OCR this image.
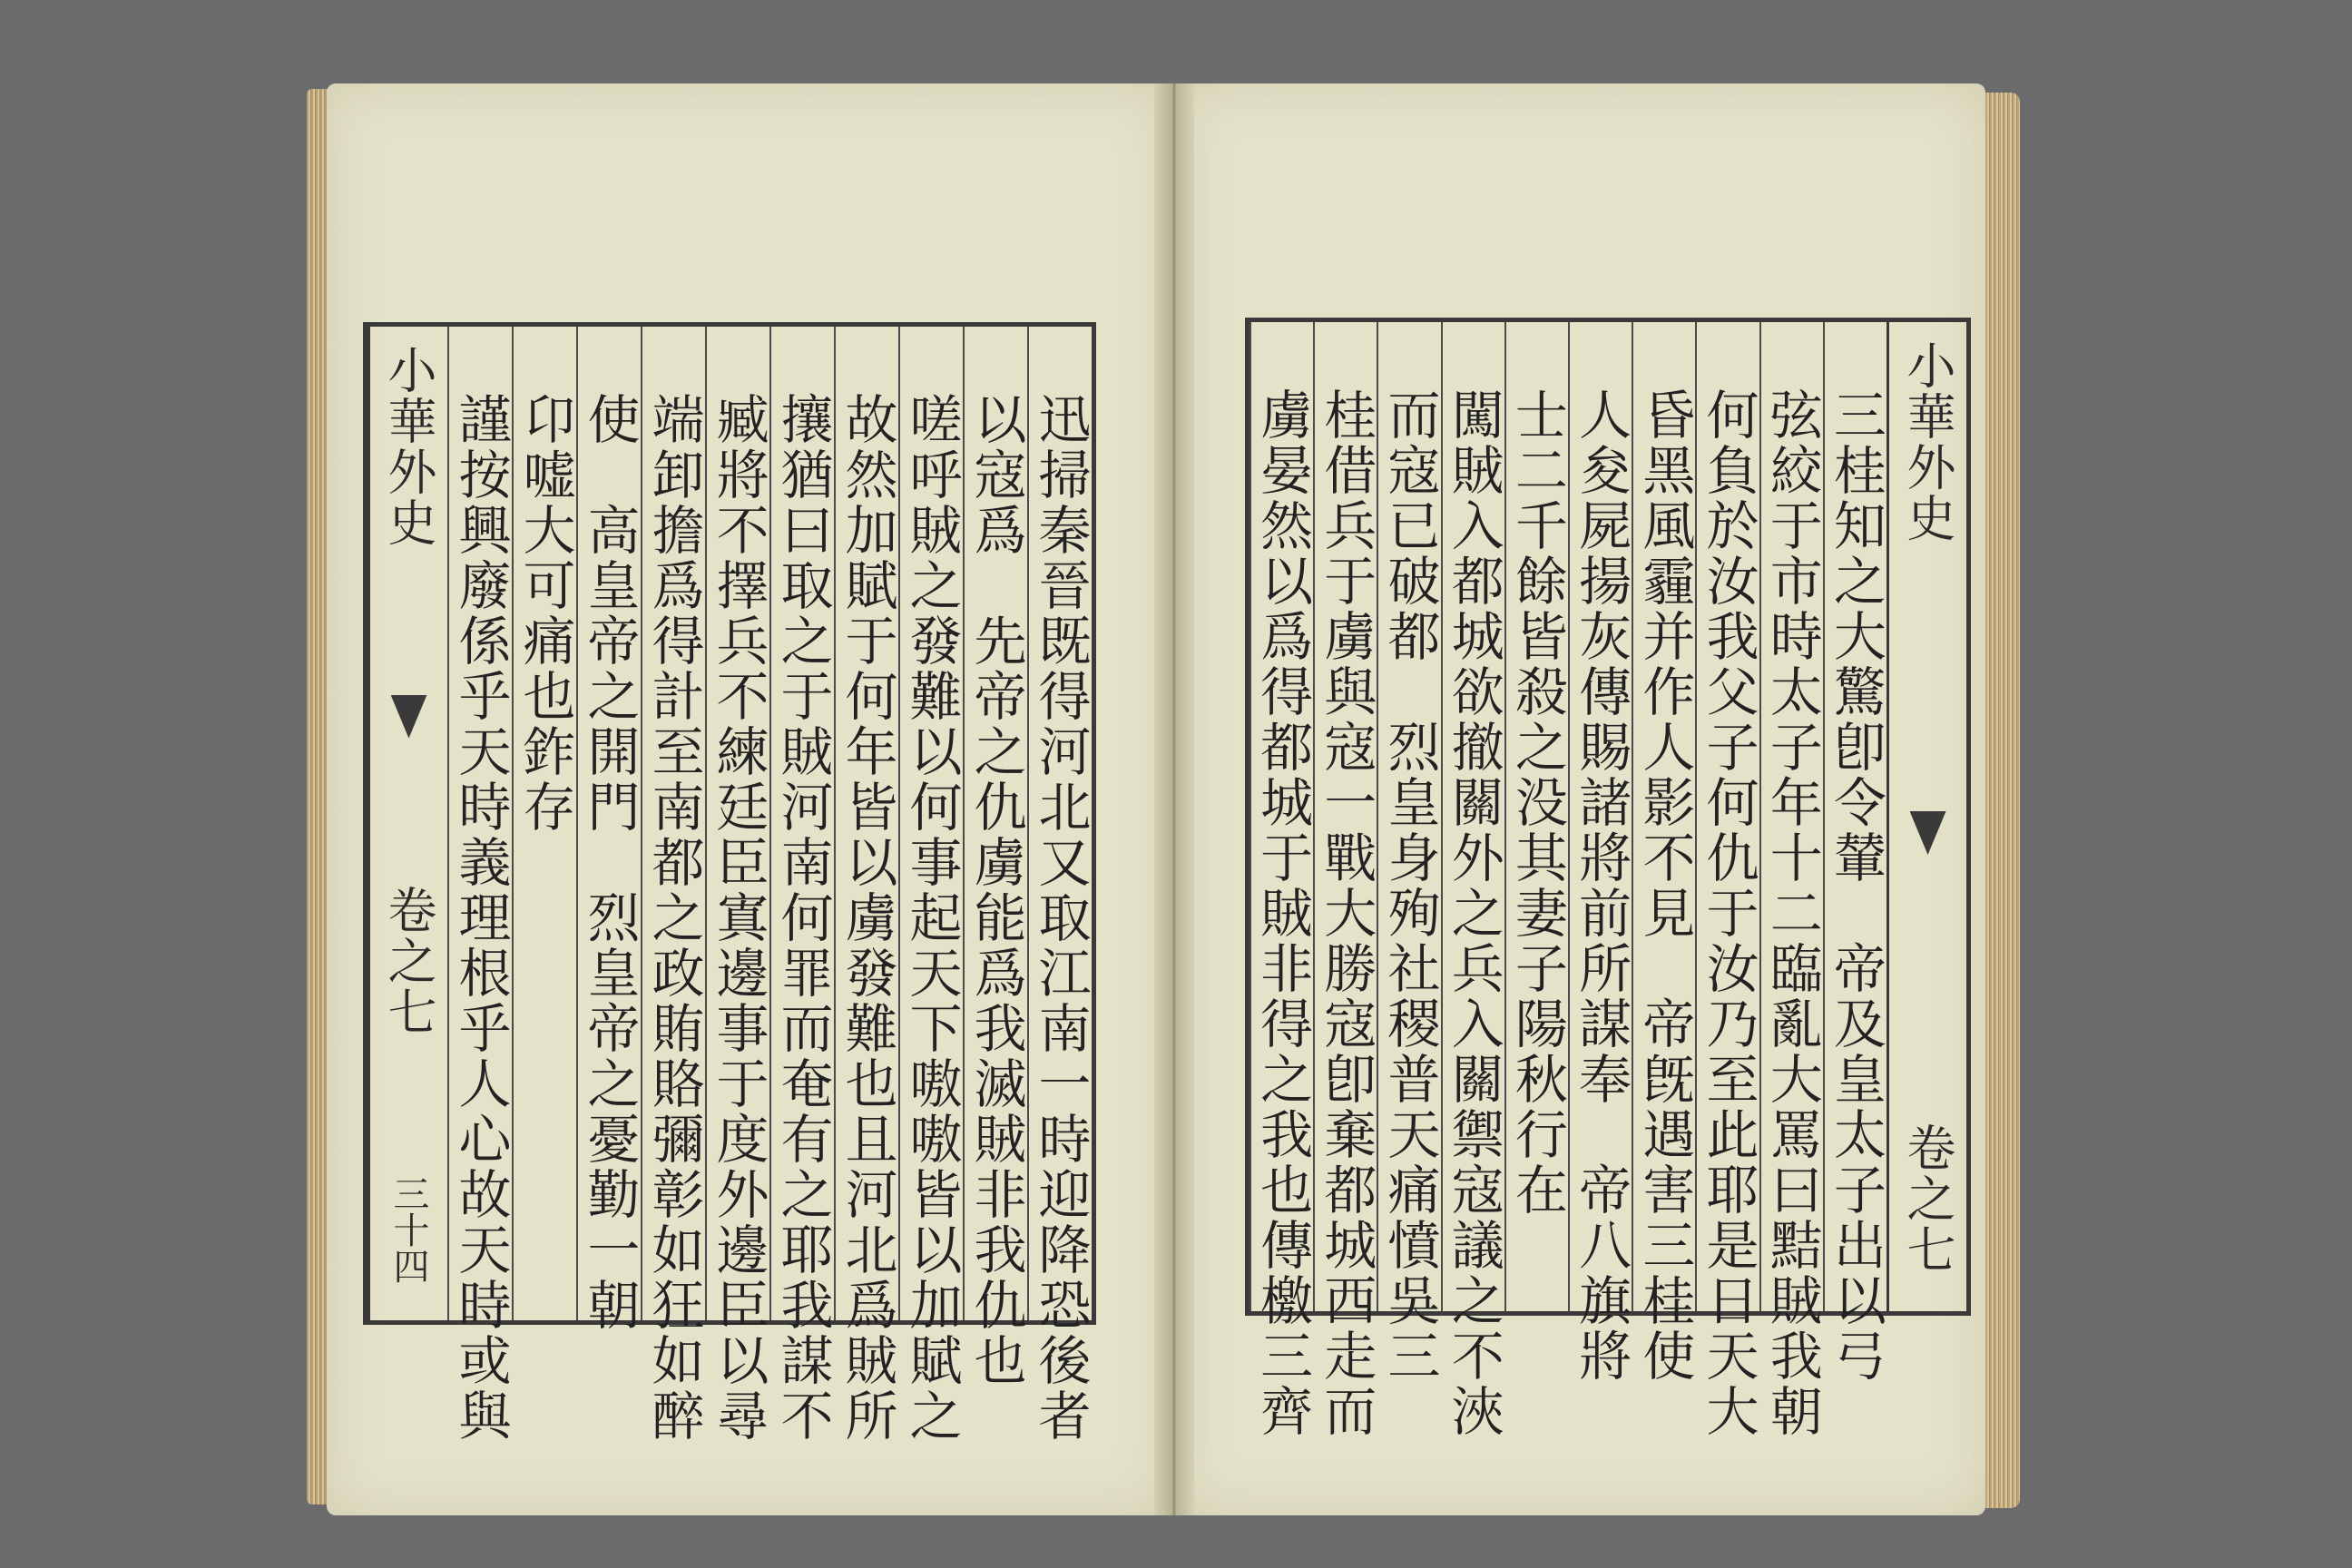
迅掃秦晉既得河北又取江南一時迎降恐後者
以寇爲　先帝之仇虜能爲我滅賊非我仇也
嗟呼賊之發難以何事起天下嗷嗷皆以加賦之
故然加賦于何年皆以虜發難也且河北爲賊所
攘猶曰取之于賊河南何罪而奄有之耶我謀不
臧將不擇兵不練廷臣寘邊事于度外邊臣以尋
端卸擔爲得計至南都之政賄賂彌彰如狂如醉
使　高皇帝之開門　烈皇帝之憂勤一朝
卬嘘大可痛也鈼存
謹按興廢係乎天時義理根乎人心故天時或與
小華外史
卷之七
三十四	虜晏然以爲得都城于賊非得之我也傳檄三齊 桂借兵于虜與寇一戰大勝寇卽棄都城西走而 而寇已破都　烈皇身殉社稷普天痛憤吳三 闖賊入都城欲撤關外之兵入關禦寇議之不浹 士二千餘皆殺之没其妻子陽秋行在 人夋屍揚灰傳賜諸將前所謀奉　帝八旗將 昏黑風霾并作人影不見　帝旣遇害三桂使 何負於汝我父子何仇于汝乃至此耶是日天大 弦絞于市時太子年十二臨亂大罵曰黠賊我朝 三桂知之大驚卽令輦　帝及皇太子出以弓 小華外史
卷之七
